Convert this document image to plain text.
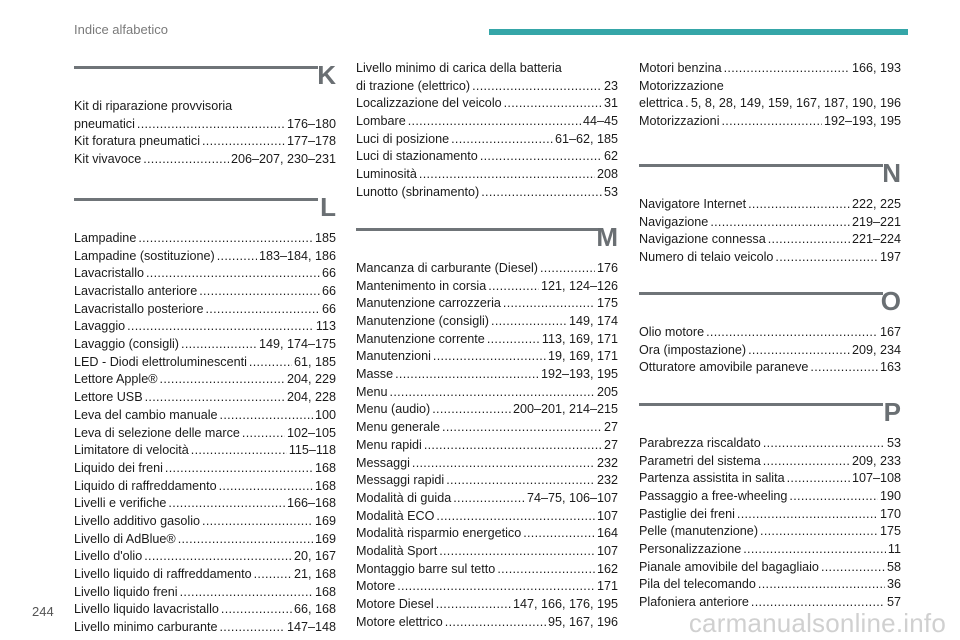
Indice alfabetico
K
Kit di riparazione provvisoria
pneumatici . . .	176–180
Kit foratura pneumatici . . .	177–178
Kit vivavoce . . .	206–207, 230–231
L
Lampadine . . .	185
Lampadine (sostituzione) . . .	183–184, 186
Lavacristallo . . .	66
Lavacristallo anteriore . . .	66
Lavacristallo posteriore . . .	66
Lavaggio . . .	113
Lavaggio (consigli) . . .	149, 174–175
LED - Diodi elettroluminescenti . . .	61, 185
Lettore Apple® . . .	204, 229
Lettore USB . . .	204, 228
Leva del cambio manuale . . .	100
Leva di selezione delle marce . . .	102–105
Limitatore di velocità . . .	115–118
Liquido dei freni . . .	168
Liquido di raffreddamento . . .	168
Livelli e verifiche . . .	166–168
Livello additivo gasolio . . .	169
Livello di AdBlue® . . .	169
Livello d'olio . . .	20, 167
Livello liquido di raffreddamento . . .	21, 168
Livello liquido freni . . .	168
Livello liquido lavacristallo . . .	66, 168
Livello minimo carburante . . .	147–148
Livello minimo di carica della batteria
di trazione (elettrico) . . .	23
Localizzazione del veicolo . . .	31
Lombare . . .	44–45
Luci di posizione . . .	61–62, 185
Luci di stazionamento . . .	62
Luminosità . . .	208
Lunotto (sbrinamento) . . .	53
M
Mancanza di carburante (Diesel) . . .	176
Mantenimento in corsia . . .	121, 124–126
Manutenzione carrozzeria . . .	175
Manutenzione (consigli) . . .	149, 174
Manutenzione corrente . . .	113, 169, 171
Manutenzioni . . .	19, 169, 171
Masse . . .	192–193, 195
Menu . . .	205
Menu (audio) . . .	200–201, 214–215
Menu generale . . .	27
Menu rapidi . . .	27
Messaggi . . .	232
Messaggi rapidi . . .	232
Modalità di guida . . .	74–75, 106–107
Modalità ECO . . .	107
Modalità risparmio energetico . . .	164
Modalità Sport . . .	107
Montaggio barre sul tetto . . .	162
Motore . . .	171
Motore Diesel . . .	147, 166, 176, 195
Motore elettrico . . .	95, 167, 196
Motori benzina . . .	166, 193
Motorizzazione
elettrica . . . 5, 8, 28, 149, 159, 167, 187, 190, 196
Motorizzazioni . . .	192–193, 195
N
Navigatore Internet . . .	222, 225
Navigazione . . .	219–221
Navigazione connessa . . .	221–224
Numero di telaio veicolo . . .	197
O
Olio motore . . .	167
Ora (impostazione) . . .	209, 234
Otturatore amovibile paraneve . . .	163
P
Parabrezza riscaldato . . .	53
Parametri del sistema . . .	209, 233
Partenza assistita in salita . . .	107–108
Passaggio a free-wheeling . . .	190
Pastiglie dei freni . . .	170
Pelle (manutenzione) . . .	175
Personalizzazione . . .	11
Pianale amovibile del bagagliaio . . .	58
Pila del telecomando . . .	36
Plafoniera anteriore . . .	57
244	carmanualsonline.info
